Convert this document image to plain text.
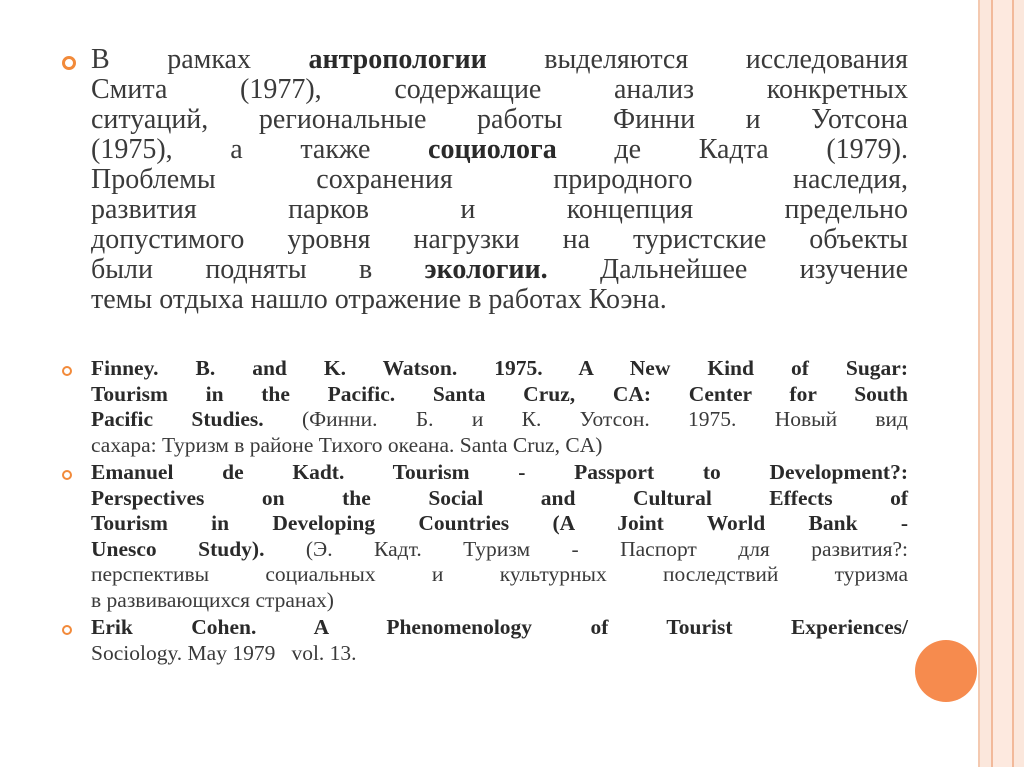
В рамках антропологии выделяются исследования
Смита (1977), содержащие анализ конкретных
ситуаций, региональные работы Финни и Уотсона
(1975), а также социолога де Кадта (1979).
Проблемы сохранения природного наследия,
развития парков и концепция предельно
допустимого уровня нагрузки на туристские объекты
были подняты в экологии. Дальнейшее изучение
темы отдыха нашло отражение в работах Коэна.
Finney. B. and K. Watson. 1975. A New Kind of Sugar:
Tourism in the Pacific. Santa Cruz, CA: Center for South
Pacific Studies. (Финни. Б. и К. Уотсон. 1975. Новый вид
сахара: Туризм в районе Тихого океана. Santa Cruz, CA)
Emanuel de Kadt. Tourism - Passport to Development?:
Perspectives on the Social and Cultural Effects of
Tourism in Developing Countries (A Joint World Bank -
Unesco Study). (Э. Кадт. Туризм - Паспорт для развития?:
перспективы социальных и культурных последствий туризма
в развивающихся странах)
Erik Cohen. A Phenomenology of Tourist Experiences/
Sociology. May 1979   vol. 13.
